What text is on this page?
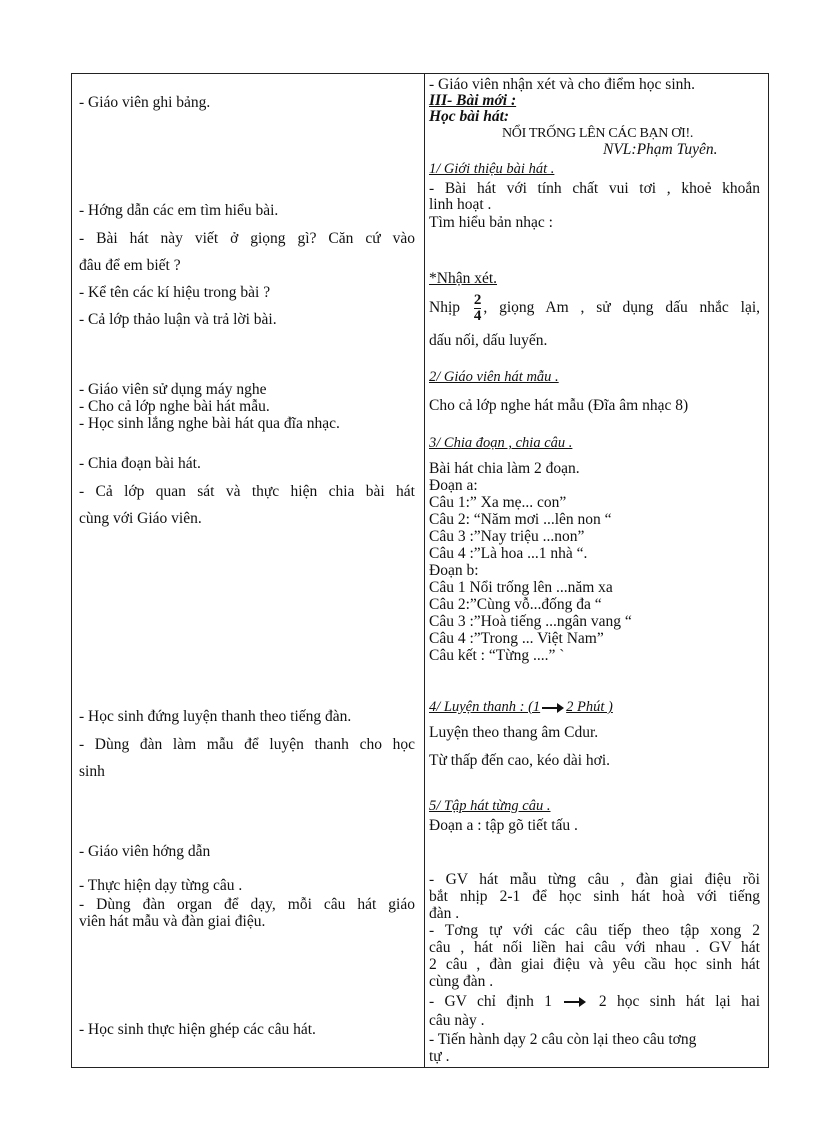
- Giáo viên ghi bảng.
- Hớng dẫn các em tìm hiểu bài.
- Bài hát này viết ở giọng gì? Căn cứ vào
đâu để em biết ?
- Kể tên các kí hiệu trong bài ?
- Cả lớp thảo luận và trả lời bài.
- Giáo viên sử dụng máy nghe
- Cho cả lớp nghe bài hát mẫu.
- Học sinh lắng nghe bài hát qua đĩa nhạc.
- Chia đoạn bài hát.
- Cả lớp quan sát và thực hiện chia bài hát
cùng với Giáo viên.
- Học sinh đứng luyện thanh theo tiếng đàn.
- Dùng đàn làm mẫu để luyện thanh cho học
sinh
- Giáo viên hớng dẫn
- Thực hiện dạy từng câu .
- Dùng đàn organ để dạy, mỗi câu hát giáo
viên hát mẫu và đàn giai điệu.
- Học sinh thực hiện ghép các câu hát.
- Giáo viên nhận xét và cho điểm học sinh.
III- Bài mới :
Học bài hát:
NỔI TRỐNG LÊN CÁC BẠN ƠI!.
NVL:Phạm Tuyên.
1/ Giới thiệu bài hát .
- Bài hát với tính chất vui tơi , khoẻ khoắn
linh hoạt .
Tìm hiểu bản nhạc :
*Nhận xét.
Nhịp $\frac{2}{4}$ , giọng Am , sử dụng dấu nhắc lại,
dấu nối, dấu luyến.
2/ Giáo viên hát mẫu .
Cho cả lớp nghe hát mẫu (Đĩa âm nhạc 8)
3/ Chia đoạn , chia câu .
Bài hát chia làm 2 đoạn.
Đoạn a:
Câu 1:” Xa mẹ... con”
Câu 2: “Năm mơi ...lên non “
Câu 3 :”Nay triệu ...non”
Câu 4 :”Là hoa ...1 nhà “.
Đoạn b:
Câu 1 Nổi trống lên ...năm xa
Câu 2:”Cùng vỗ...đống đa “
Câu 3 :”Hoà tiếng ...ngân vang “
Câu 4 :”Trong ... Việt Nam”
Câu kết : “Từng ....” `
4/ Luyện thanh : (1 2 Phút )
Luyện theo thang âm Cdur.
Từ thấp đến cao, kéo dài hơi.
5/ Tập hát từng câu .
Đoạn a : tập gõ tiết tấu .
- GV hát mẫu từng câu , đàn giai điệu rồi
bắt nhịp 2-1 để học sinh hát hoà với tiếng
đàn .
- Tơng tự với các câu tiếp theo tập xong 2
câu , hát nối liền hai câu với nhau . GV hát
2 câu , đàn giai điệu và yêu cầu học sinh hát
cùng đàn .
- GV chỉ định 1	2 học sinh hát lại hai
câu này .
- Tiến hành dạy 2 câu còn lại theo câu tơng
tự .
